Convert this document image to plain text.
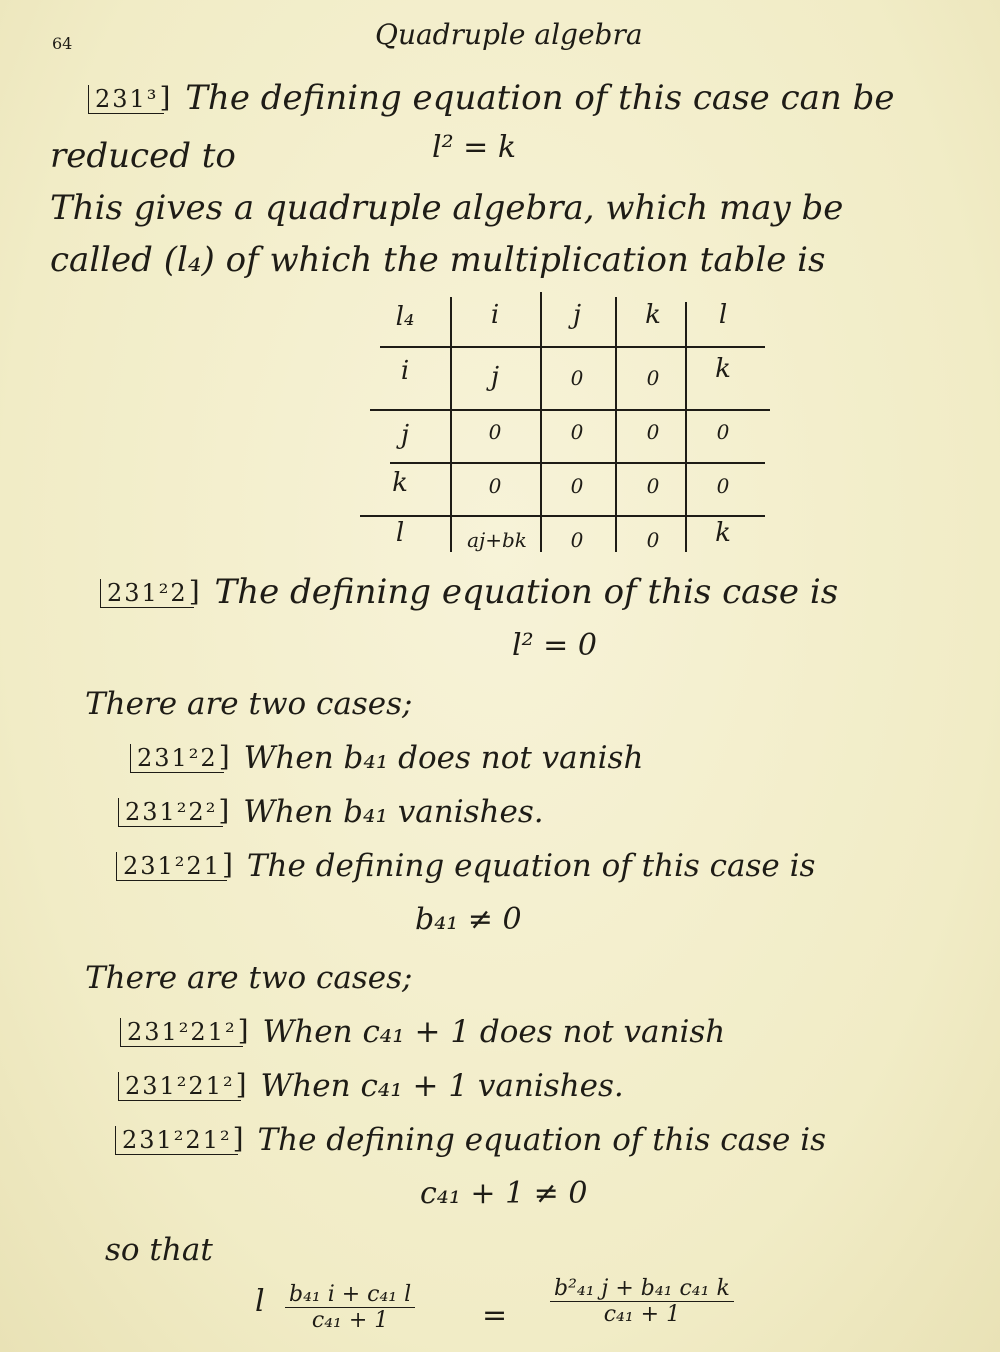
64	Quadruple algebra
231³ ] The defining equation of this case can be
reduced to	l² = k
This gives a quadruple algebra, which may be
called (l₄) of which the multiplication table is
l₄	i	j	k	l
i	j	0	0	k
j	0	0	0	0
k	0	0	0	0
l	aj+bk	0	0	k
231²2 ] The defining equation of this case is
l² = 0
There are two cases;
231²2 ] When b₄₁ does not vanish
231²2² ] When b₄₁ vanishes.
231²21 ] The defining equation of this case is
b₄₁ ≠ 0
There are two cases;
231²21² ] When c₄₁ + 1 does not vanish
231²21² ] When c₄₁ + 1 vanishes.
231²21² ] The defining equation of this case is
c₄₁ + 1 ≠ 0
so that
l $\frac{\text{b₄₁ i + c₄₁ l}}{\text{c₄₁ + 1}} = \frac{\text{b²₄₁ j + b₄₁ c₄₁ k}}{\text{c₄₁ + 1}}$
